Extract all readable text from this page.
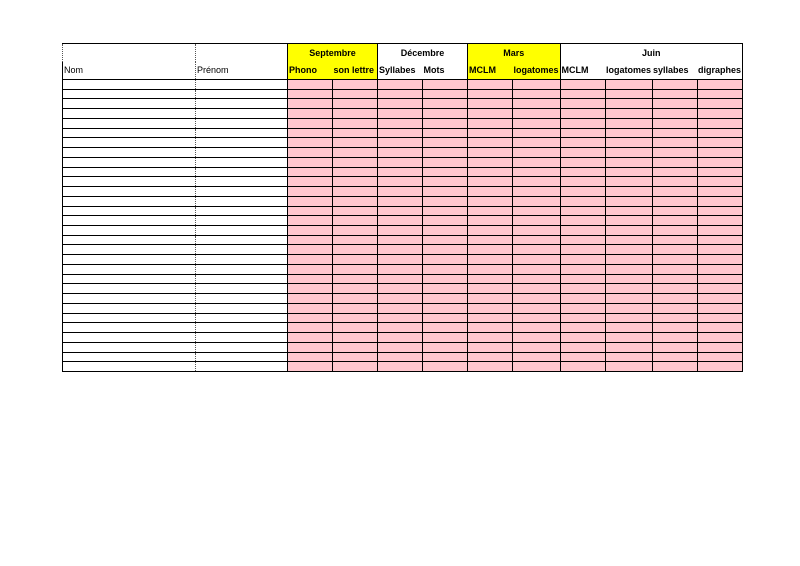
		Septembre		Décembre		Mars		Juin			
Nom	Prénom	Phono	son lettre	Syllabes	Mots	MCLM	logatomes	MCLM	logatomes	syllabes	digraphes
